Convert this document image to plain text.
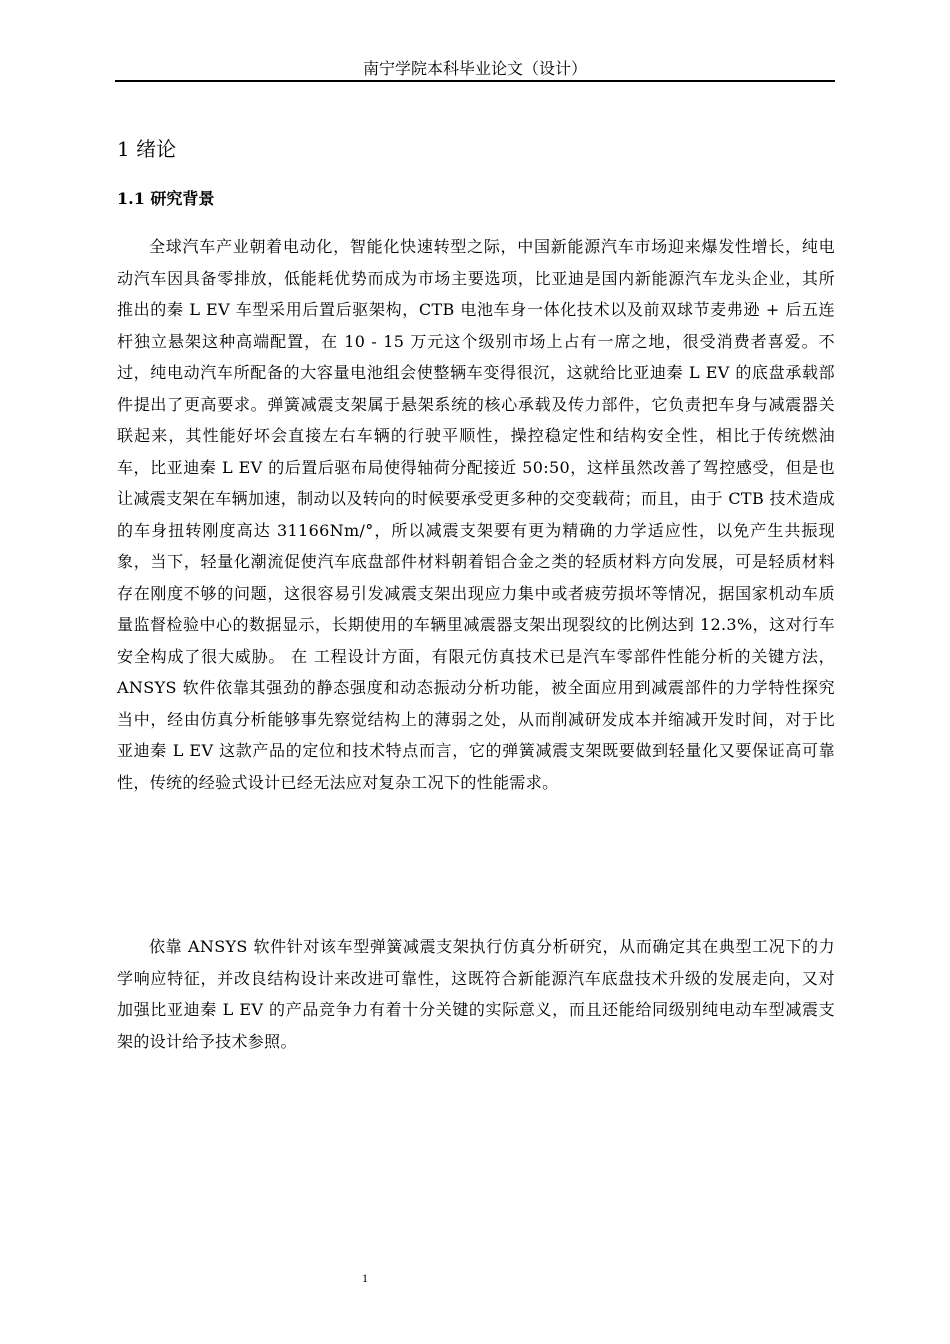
南宁学院本科毕业论文（设计）
1 绪论
1.1 研究背景

全球汽车产业朝着电动化，智能化快速转型之际，中国新能源汽车市场迎来爆发性增长，纯电动汽车因具备零排放，低能耗优势而成为市场主要选项，比亚迪是国内新能源汽车龙头企业，其所推出的秦 L EV 车型采用后置后驱架构，CTB 电池车身一体化技术以及前双球节麦弗逊 + 后五连杆独立悬架这种高端配置，在 10 - 15 万元这个级别市场上占有一席之地，很受消费者喜爱。不过，纯电动汽车所配备的大容量电池组会使整辆车变得很沉，这就给比亚迪秦 L EV 的底盘承载部件提出了更高要求。弹簧减震支架属于悬架系统的核心承载及传力部件，它负责把车身与减震器关联起来，其性能好坏会直接左右车辆的行驶平顺性，操控稳定性和结构安全性，相比于传统燃油车，比亚迪秦 L EV 的后置后驱布局使得轴荷分配接近 50:50，这样虽然改善了驾控感受，但是也让减震支架在车辆加速，制动以及转向的时候要承受更多种的交变载荷；而且，由于 CTB 技术造成的车身扭转刚度高达 31166Nm/°，所以减震支架要有更为精确的力学适应性，以免产生共振现象，当下，轻量化潮流促使汽车底盘部件材料朝着铝合金之类的轻质材料方向发展，可是轻质材料存在刚度不够的问题，这很容易引发减震支架出现应力集中或者疲劳损坏等情况，据国家机动车质量监督检验中心的数据显示，长期使用的车辆里减震器支架出现裂纹的比例达到 12.3%，这对行车安全构成了很大威胁。 在 工程设计方面，有限元仿真技术已是汽车零部件性能分析的关键方法，ANSYS 软件依靠其强劲的静态强度和动态振动分析功能，被全面应用到减震部件的力学特性探究当中，经由仿真分析能够事先察觉结构上的薄弱之处，从而削减研发成本并缩减开发时间，对于比亚迪秦 L EV 这款产品的定位和技术特点而言，它的弹簧减震支架既要做到轻量化又要保证高可靠性，传统的经验式设计已经无法应对复杂工况下的性能需求。

依靠 ANSYS 软件针对该车型弹簧减震支架执行仿真分析研究，从而确定其在典型工况下的力学响应特征，并改良结构设计来改进可靠性，这既符合新能源汽车底盘技术升级的发展走向，又对加强比亚迪秦 L EV 的产品竞争力有着十分关键的实际意义，而且还能给同级别纯电动车型减震支架的设计给予技术参照。

1
